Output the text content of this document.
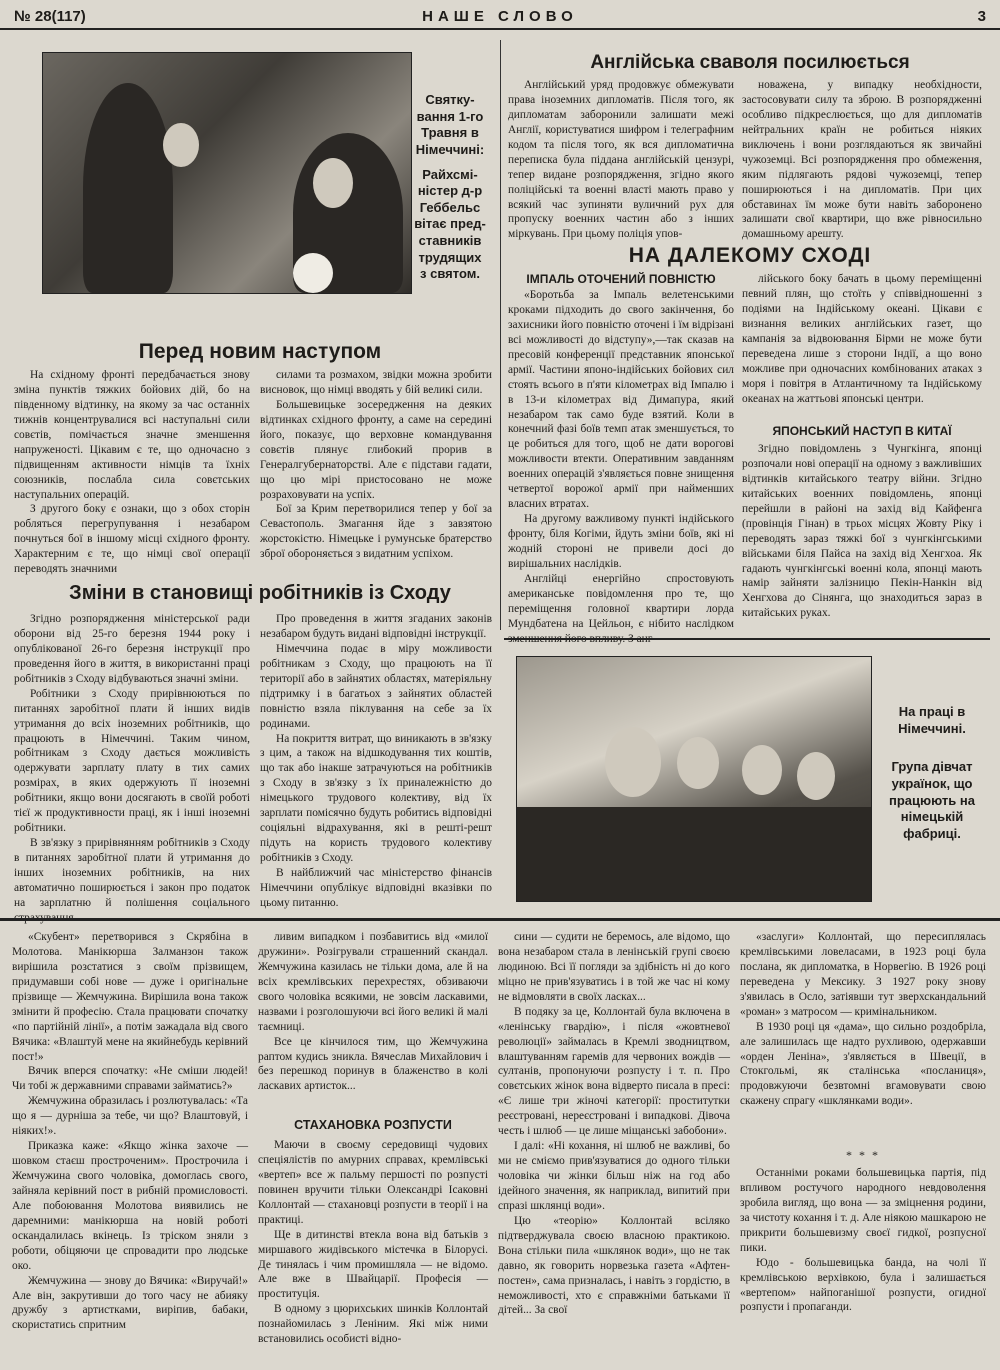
№ 28(117)	НАШЕ СЛОВО	3
Святку-вання 1-го Травня в Німеччині:
Райхсмі-ністер д-р Геббельс вітає пред-ставників трудящих з святом.
Перед новим наступом

На східному фронті передбачається знову зміна пунктів тяжких бойових дій, бо на південному відтинку, на якому за час останніх тижнів концентрувалися всі наступальні сили совєтів, помічається значне зменшення напруженості. Цікавим є те, що одночасно з підвищенням активности німців та їхніх союзників, послабла сила совєтських наступальних операцій.

З другого боку є ознаки, що з обох сторін робляться перегрупування і незабаром почнуться бої в іншому місці східного фронту. Характерним є те, що німці свої операції переводять значними

силами та розмахом, звідки можна зробити висновок, що німці вводять у бій великі сили.

Большевицьке зосередження на деяких відтинках східного фронту, а саме на середині його, показує, що верховне командування совєтів плянує глибокий прорив в Генералгубернаторстві. Але є підстави гадати, що цю мірі пристосовано не може розраховувати на успіх.

Бої за Крим перетворилися тепер у бої за Севастополь. Змагання йде з завзятою жорстокістю. Німецьке і румунське братерство зброї обороняється з видатним успіхом.

Зміни в становищі робітників із Сходу

Згідно розпорядження міністерської ради оборони від 25-го березня 1944 року і опублікованої 26-го березня інструкції про проведення його в життя, в використанні праці робітників з Сходу відбуваються значні зміни.

Робітники з Сходу прирівнюються по питаннях заробітної плати й інших видів утримання до всіх іноземних робітників, що працюють в Німеччині. Таким чином, робітникам з Сходу дається можливість одержувати зарплату плату в тих самих розмірах, в яких одержують її іноземні робітники, якщо вони досягають в своїй роботі тієї ж продуктивности праці, як і інші іноземні робітники.

В зв'язку з прирівнянням робітників з Сходу в питаннях заробітної плати й утримання до інших іноземних робітників, на них автоматично поширюється і закон про податок на зарплатню й полішення соціального страхування.

Про проведення в життя згаданих законів незабаром будуть видані відповідні інструкції.

Німеччина подає в міру можливости робітникам з Сходу, що працюють на її території або в зайнятих областях, матеріяльну підтримку і в багатьох з зайнятих областей повністю взяла піклування на себе за їх родинами.

На покриття витрат, що виникають в зв'язку з цим, а також на відшкодування тих коштів, що так або інакше затрачуються на робітників з Сходу в зв'язку з їх приналежністю до німецького трудового колективу, від їх зарплати помісячно будуть робитись відповідні соціяльні відрахування, які в решті-решт підуть на користь трудового колективу робітників з Сходу.

В найближчий час міністерство фінансів Німеччини опублікує відповідні вказівки по цьому питанню.

Англійська сваволя посилюється

Англійський уряд продовжує обмежувати права іноземних дипломатів. Після того, як дипломатам заборонили залишати межі Англії, користуватися шифром і телеграфним кодом та після того, як вся дипломатична переписка була піддана англійській цензурі, тепер видане розпорядження, згідно якого поліційські та военні власті мають право у всякий час зупиняти вуличний рух для пропуску военних частин або з інших міркувань. При цьому поліція упов-

новажена, у випадку необхідности, застосовувати силу та зброю. В розпорядженні особливо підкреслюється, що для дипломатів нейтральних країн не робиться ніяких виключень і вони розглядаються як звичайні чужоземці. Всі розпорядження про обмеження, яким підлягають рядові чужоземці, тепер поширюються і на дипломатів. При цих обставинах їм може бути навіть заборонено залишати свої квартири, що вже рівносильно домашньому арешту.

НА ДАЛЕКОМУ СХОДІ
ІМПАЛЬ ОТОЧЕНИЙ ПОВНІСТЮ

«Боротьба за Імпаль велетенськими кроками підходить до свого закінчення, бо захисники його повністю оточені і їм відрізані всі можливості до відступу»,—так сказав на пресовій конференції представник японської армії. Частини японо-індійських бойових сил стоять всього в п'яти кілометрах від Імпалю і в 13-и кілометрах від Димапура, який незабаром так само буде взятий. Коли в конечний фазі боїв темп атак зменшується, то це робиться для того, щоб не дати ворогові можливости втекти. Оперативним завданням военних операцій з'являється повне знищення четвертої ворожої армії при найменших власних втратах.

На другому важливому пункті індійського фронту, біля Когіми, йдуть зміни боїв, які ні жодній стороні не привели досі до вирішальних наслідків.

Англійці енергійно спростовують американське повідомлення про те, що переміщення головної квартири лорда Мундбатена на Цейльон, є нібито наслідком зменшення його впливу. З анг-

лійського боку бачать в цьому переміщенні певний плян, що стоїть у співвідношенні з подіями на Індійському океані. Цікави є визнання великих англійських газет, що кампанія за відвоювання Бірми не може бути переведена лише з сторони Індії, а що воно можливе при одночасних комбінованих атаках з моря і повітря в Атлантичному та Індійському океанах на жаттьові японські центри.

ЯПОНСЬКИЙ НАСТУП В КИТАЇ

Згідно повідомлень з Чунгкінга, японці розпочали нові операції на одному з важливіших відтинків китайського театру війни. Згідно китайських военних повідомлень, японці перейшли в районі на захід від Кайфенга (провінція Гінан) в трьох місцях Жовту Ріку і переводять зараз тяжкі бої з чунгкінгськими військами біля Пайса на захід від Хенгхоа. Як гадають чунгкінгські военні кола, японці мають намір зайняти залізницю Пекін-Нанкін від Хенгхова до Сінянга, що знаходиться зараз в китайських руках.

На праці в Німеччині.
Група дівчат українок, що працюють на німецькій фабриці.

«Скубент» перетворився з Скрябіна в Молотова. Манікюрша Залманзон також вирішила розстатися з своїм прізвищем, придумавши собі нове — дуже і оригінальне прізвище — Жемчужина. Вирішила вона також змінити й професію. Стала працювати спочатку «по партійній лінії», а потім зажадала від свого Вячика: «Влаштуй мене на якийнебудь керівний пост!»

Вячик вперся спочатку: «Не сміши людей! Чи тобі ж державними справами займатись?»

Жемчужина образилась і розлютувалась: «Та що я — дурніша за тебе, чи що? Влаштовуй, і ніяких!».

Приказка каже: «Якщо жінка захоче — шовком стаєш простроченим». Прострочила і Жемчужина свого чоловіка, домоглась свого, зайняла керівний пост в рибній промисловості. Але побоювання Молотова виявились не даремними: манікюрша на новій роботі оскандалилась вкінець. Із тріском зняли з роботи, обіцяючи це спровадити про людське око.

Жемчужина — знову до Вячика: «Виручай!» Але він, закрутивши до того часу не абияку дружбу з артистками, виріпив, бабаки, скористатись спритним

ливим випадком і позбавитись від «милої дружини». Розігрували страшенний скандал. Жемчужина казилась не тільки дома, але й на всіх кремлівських перехрестях, обзиваючи свого чоловіка всякими, не зовсім ласкавими, назвами і розголошуючи всі його великі й малі таємниці.

Все це кінчилося тим, що Жемчужина раптом кудись зникла. Вячеслав Михайлович і без перешкод поринув в блаженство в колі ласкавих артисток...

СТАХАНОВКА РОЗПУСТИ

Маючи в своєму середовищі чудових спеціялістів по амурних справах, кремлівські «вертеп» все ж пальму першості по розпусті повинен вручити тільки Олександрі Ісаковні Коллонтай — стахановці розпусти в теорії і на практиці.

Ще в дитинстві втекла вона від батьків з миршавого жидівського містечка в Білорусі. Де тинялась і чим промишляла — не відомо. Але вже в Швайцарії. Професія — проституція.

В одному з цюрихських шинків Коллонтай познайомилась з Леніним. Які між ними встановились особисті відно-

сини — судити не беремось, але відомо, що вона незабаром стала в ленінській групі своєю людиною. Всі її погляди за здібність ні до кого міцно не прив'язуватись і в той же час ні кому не відмовляти в своїх ласках...

В подяку за це, Коллонтай була включена в «ленінську гвардію», і після «жовтневої революції» займалась в Кремлі зводництвом, влаштуванням гаремів для червоних вождів — султанів, пропонуючи розпусту і т. п. Про совєтських жінок вона відверто писала в пресі: «Є лише три жіночі категорії: проститутки реєстровані, нереєстровані і випадкові. Дівоча честь і шлюб — це лише міщанські забобони».

І далі: «Ні кохання, ні шлюб не важливі, бо ми не сміємо прив'язуватися до одного тільки чоловіка чи жінки більш ніж на год або ідейного значення, як наприклад, випитий при спразі шклянці води».

Цю «теорію» Коллонтай всіляко підтверджувала своєю власною практикою. Вона стільки пила «шклянок води», що не так давно, як говорить норвезька газета «Афтен-постен», сама призналась, і навіть з гордістю, в неможливості, хто є справжніми батьками її дітей... За свої

«заслуги» Коллонтай, що пересиплялась кремлівськими ловеласами, в 1923 році була послана, як дипломатка, в Норвегію. В 1926 році переведена у Мексику. З 1927 року знову з'явилась в Осло, затіявши тут зверхскандальний «роман» з матросом — кримінальником.

В 1930 році ця «дама», що сильно роздобріла, але залишилась ще надто рухливою, одержавши «орден Леніна», з'являється в Швеції, в Стокгольмі, як сталінська «посланиця», продовжуючи безвтомні вгамовувати свою скажену спрагу «шклянками води».

* * *

Останніми роками большевицька партія, під впливом ростучого народного невдоволення зробила вигляд, що вона — за зміцнення родини, за чистоту кохання і т. д. Але ніякою машкарою не прикрити большевизму своєї гидкої, розпусної пики.

Юдо - большевицька банда, на чолі її кремлівською верхівкою, була і залишається «вертепом» найпоганішої розпусти, огидної розпусти і пропаганди.
